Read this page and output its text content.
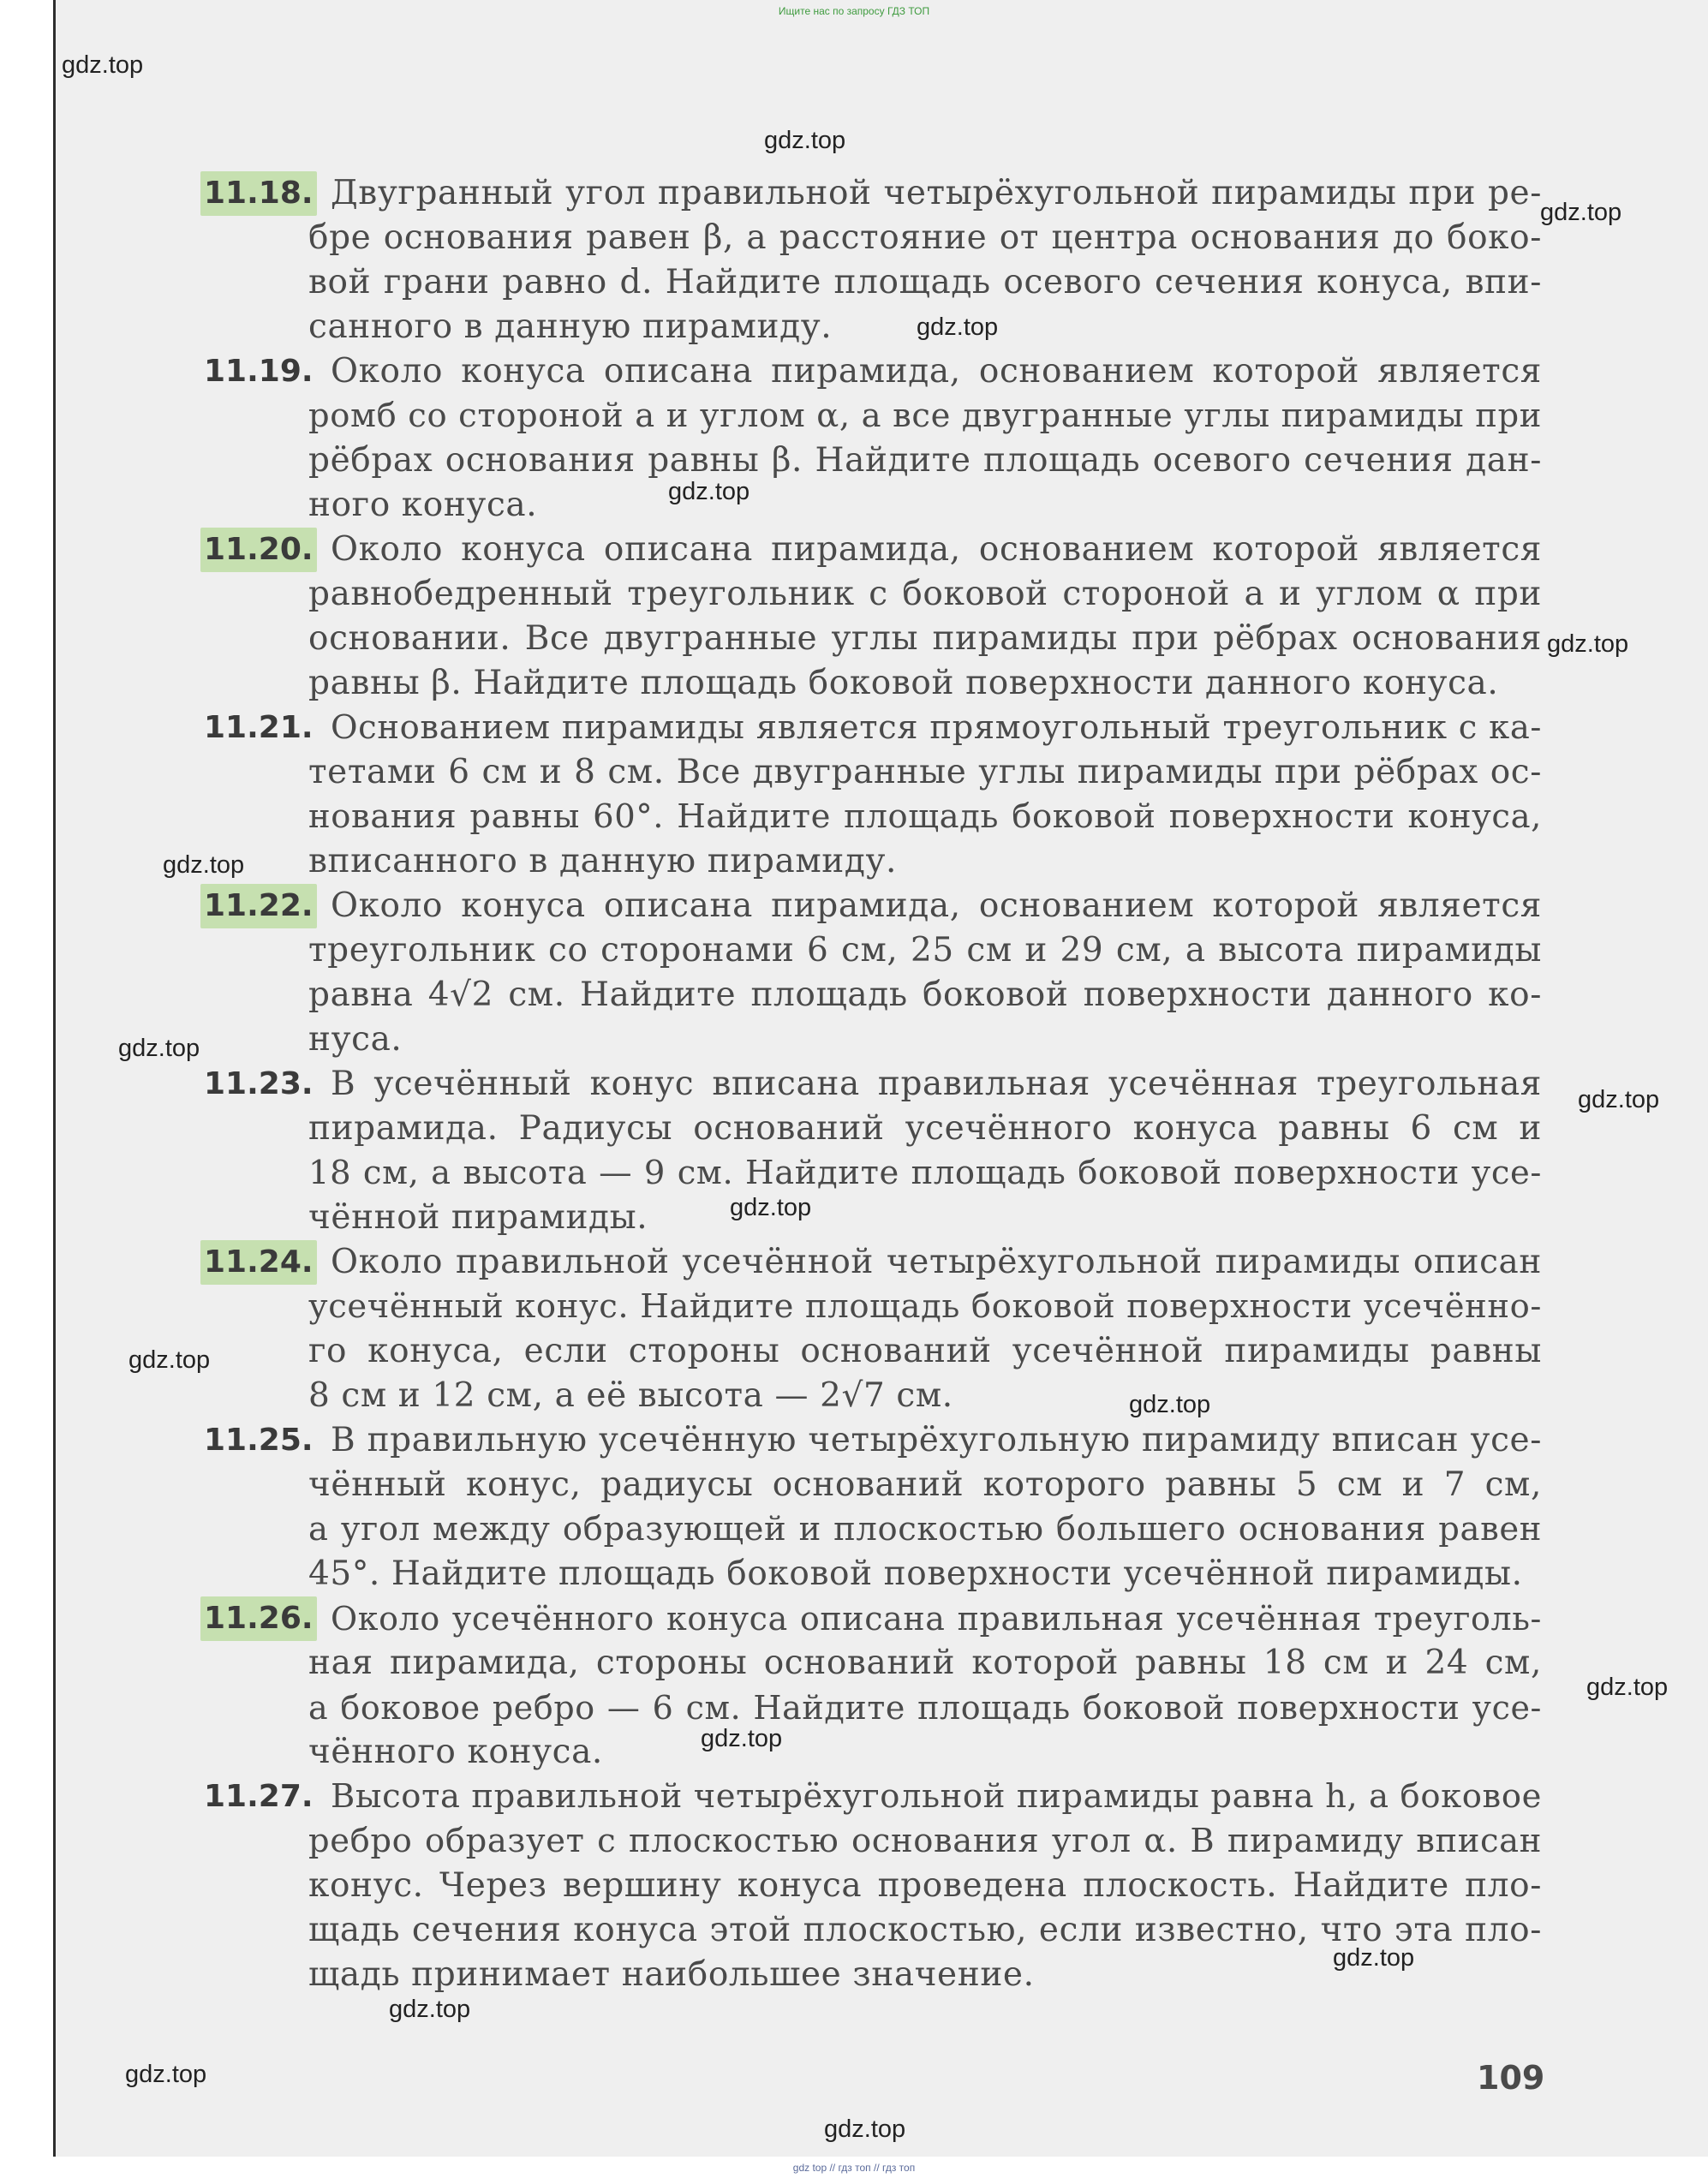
Ищите нас по запросу ГДЗ ТОП
gdz.top
gdz.top
gdz.top
gdz.top
gdz.top
gdz.top
gdz.top
gdz.top
gdz.top
gdz.top
gdz.top
gdz.top
gdz.top
gdz.top
gdz.top
gdz.top
gdz.top
gdz.top
11.18. Двугранный угол правильной четырёхугольной пирамиды при ре-
бре основания равен β, а расстояние от центра основания до боко-
вой грани равно d. Найдите площадь осевого сечения конуса, впи-
санного в данную пирамиду.
11.19. Около конуса описана пирамида, основанием которой является
ромб со стороной a и углом α, а все двугранные углы пирамиды при
рёбрах основания равны β. Найдите площадь осевого сечения дан-
ного конуса.
11.20. Около конуса описана пирамида, основанием которой является
равнобедренный треугольник с боковой стороной a и углом α при
основании. Все двугранные углы пирамиды при рёбрах основания
равны β. Найдите площадь боковой поверхности данного конуса.
11.21. Основанием пирамиды является прямоугольный треугольник с ка-
тетами 6 см и 8 см. Все двугранные углы пирамиды при рёбрах ос-
нования равны 60°. Найдите площадь боковой поверхности конуса,
вписанного в данную пирамиду.
11.22. Около конуса описана пирамида, основанием которой является
треугольник со сторонами 6 см, 25 см и 29 см, а высота пирамиды
равна 4√2 см. Найдите площадь боковой поверхности данного ко-
нуса.
11.23. В усечённый конус вписана правильная усечённая треугольная
пирамида. Радиусы оснований усечённого конуса равны 6 см и
18 см, а высота — 9 см. Найдите площадь боковой поверхности усе-
чённой пирамиды.
11.24. Около правильной усечённой четырёхугольной пирамиды описан
усечённый конус. Найдите площадь боковой поверхности усечённо-
го конуса, если стороны оснований усечённой пирамиды равны
8 см и 12 см, а её высота — 2√7 см.
11.25. В правильную усечённую четырёхугольную пирамиду вписан усе-
чённый конус, радиусы оснований которого равны 5 см и 7 см,
а угол между образующей и плоскостью большего основания равен
45°. Найдите площадь боковой поверхности усечённой пирамиды.
11.26. Около усечённого конуса описана правильная усечённая треуголь-
ная пирамида, стороны оснований которой равны 18 см и 24 см,
а боковое ребро — 6 см. Найдите площадь боковой поверхности усе-
чённого конуса.
11.27. Высота правильной четырёхугольной пирамиды равна h, а боковое
ребро образует с плоскостью основания угол α. В пирамиду вписан
конус. Через вершину конуса проведена плоскость. Найдите пло-
щадь сечения конуса этой плоскостью, если известно, что эта пло-
щадь принимает наибольшее значение.
109
gdz top // гдз топ // гдз топ
